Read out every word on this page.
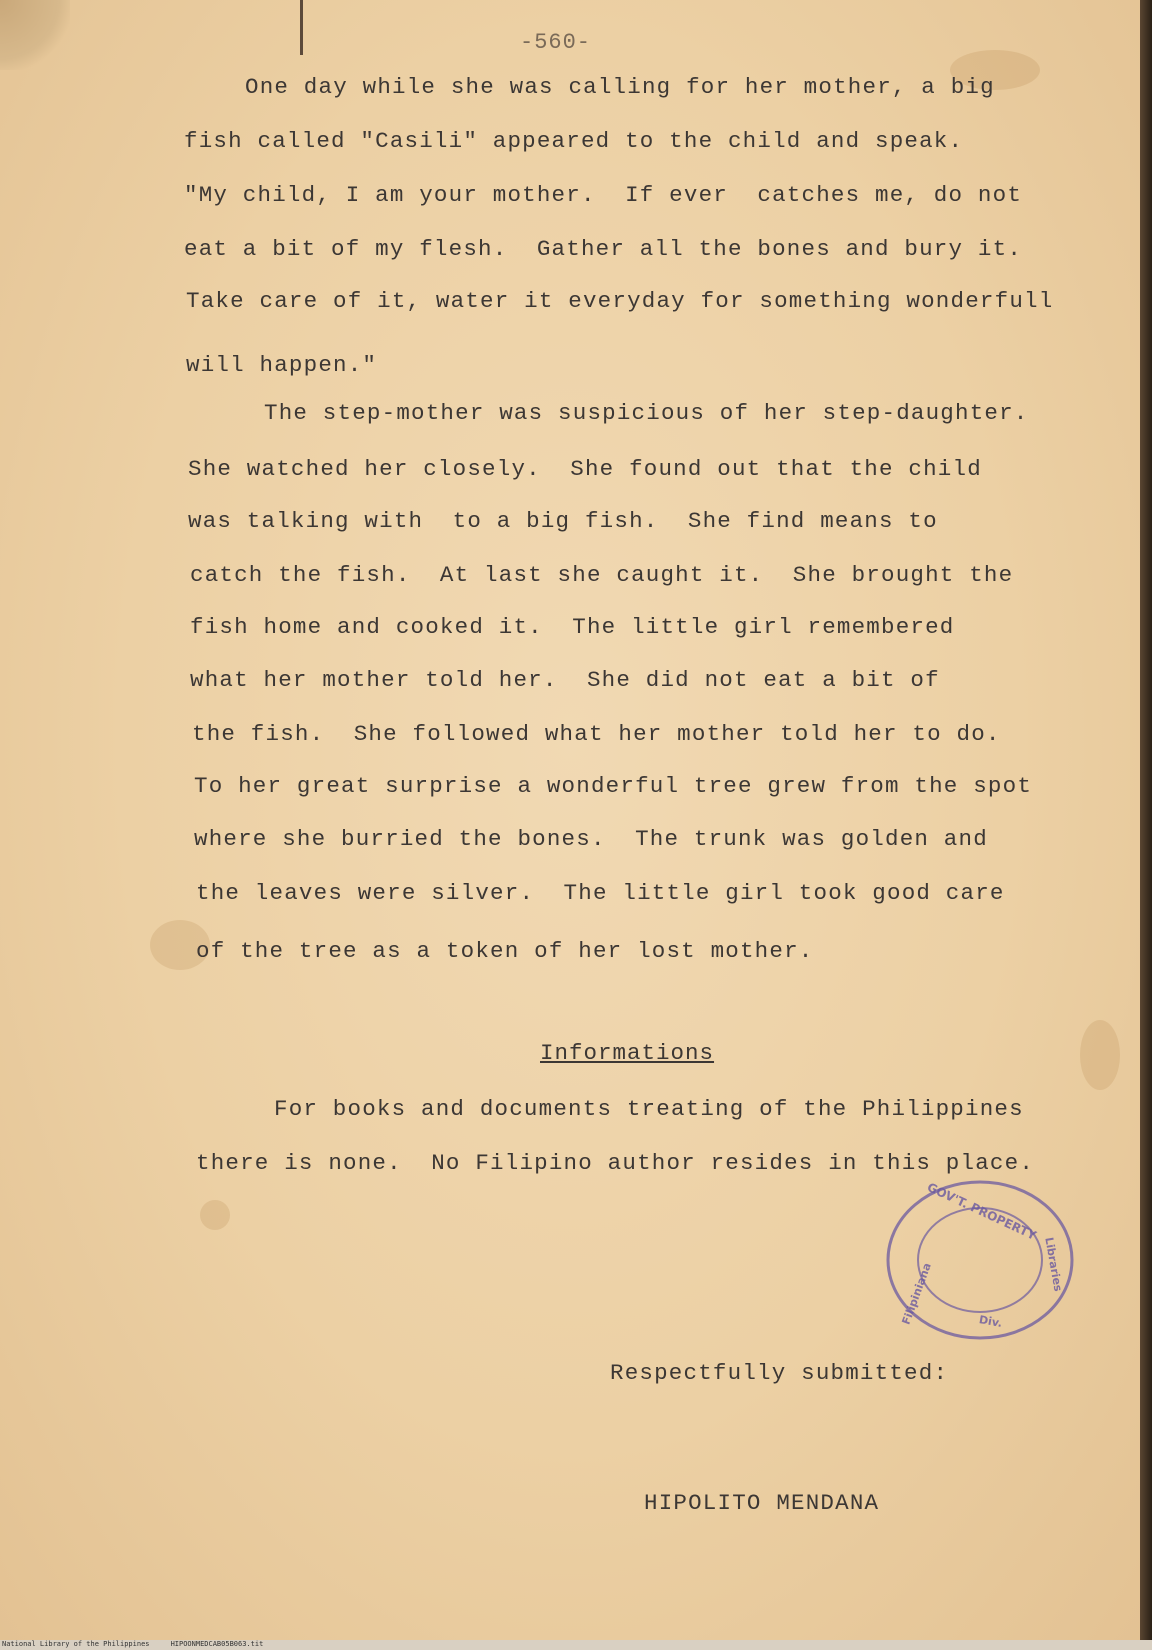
-560-
One day while she was calling for her mother, a big
fish called "Casili" appeared to the child and speak.
"My child, I am your mother.  If ever  catches me, do not
eat a bit of my flesh.  Gather all the bones and bury it.
Take care of it, water it everyday for something wonderfull
will happen."
The step-mother was suspicious of her step-daughter.
She watched her closely.  She found out that the child
was talking with  to a big fish.  She find means to
catch the fish.  At last she caught it.  She brought the
fish home and cooked it.  The little girl remembered
what her mother told her.  She did not eat a bit of
the fish.  She followed what her mother told her to do.
To her great surprise a wonderful tree grew from the spot
where she burried the bones.  The trunk was golden and
the leaves were silver.  The little girl took good care
of the tree as a token of her lost mother.
Informations
For books and documents treating of the Philippines
there is none.  No Filipino author resides in this place.
GOV'T. PROPERTY
Libraries
Filipiniana	Div.
Respectfully submitted:
HIPOLITO MENDANA
National Library of the Philippines     HIPOONMEDCAB05B063.tit
